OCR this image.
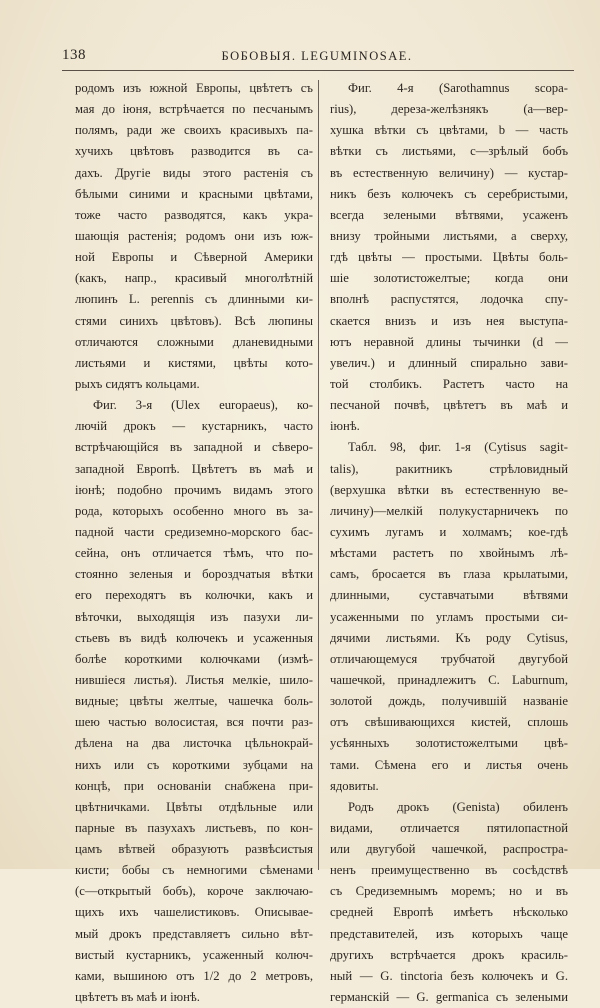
138	БОБОВЫЯ. LEGUMINOSAE.
родомъ изъ южной Европы, цвѣтетъ съ
мая до iюня, встрѣчается по песчанымъ
полямъ, ради же своихъ красивыхъ па-
хучихъ цвѣтовъ разводится въ са-
дахъ. Другiе виды этого растенiя съ
бѣлыми синими и красными цвѣтами,
тоже часто разводятся, какъ укра-
шающiя растенiя; родомъ они изъ юж-
ной Европы и Сѣверной Америки
(какъ, напр., красивый многолѣтнiй
люпинъ L. perennis съ длинными ки-
стями синихъ цвѣтовъ). Всѣ люпины
отличаются сложными дланевидными
листьями и кистями, цвѣты кото-
рыхъ сидятъ кольцами.
Фиг. 3-я (Ulex europaeus), ко-
лючiй дрокъ — кустарникъ, часто
встрѣчающiйся въ западной и сѣверо-
западной Европѣ. Цвѣтетъ въ маѣ и
iюнѣ; подобно прочимъ видамъ этого
рода, которыхъ особенно много въ за-
падной части средиземно-морского бас-
сейна, онъ отличается тѣмъ, что по-
стоянно зеленыя и бороздчатыя вѣтки
его переходятъ въ колючки, какъ и
вѣточки, выходящiя изъ пазухи ли-
стьевъ въ видѣ колючекъ и усаженныя
болѣе короткими колючками (измѣ-
нившiеся листья). Листья мелкiе, шило-
видные; цвѣты желтые, чашечка боль-
шею частью волосистая, вся почти раз-
дѣлена на два листочка цѣльнокрай-
нихъ или съ короткими зубцами на
концѣ, при основанiи снабжена при-
цвѣтничками. Цвѣты отдѣльные или
парные въ пазухахъ листьевъ, по кон-
цамъ вѣтвей образуютъ развѣсистыя
кисти; бобы съ немногими сѣменами
(с—открытый бобъ), короче заключаю-
щихъ ихъ чашелистиковъ. Описывае-
мый дрокъ представляетъ сильно вѣт-
вистый кустарникъ, усаженный колюч-
ками, вышиною отъ 1/2 до 2 метровъ,
цвѣтетъ въ маѣ и iюнѣ.
Фиг. 4-я (Sarothamnus scopa-
rius), дереза-желѣзнякъ (a—вер-
хушка вѣтки съ цвѣтами, b — часть
вѣтки съ листьями, c—зрѣлый бобъ
въ естественную величину) — кустар-
никъ безъ колючекъ съ серебристыми,
всегда зелеными вѣтвями, усаженъ
внизу тройными листьями, а сверху,
гдѣ цвѣты — простыми. Цвѣты боль-
шiе золотистожелтые; когда они
вполнѣ распустятся, лодочка спу-
скается внизъ и изъ нея выступа-
ютъ неравной длины тычинки (d —
увелич.) и длинный спирально зави-
той столбикъ. Растетъ часто на
песчаной почвѣ, цвѣтетъ въ маѣ и
iюнѣ.
Табл. 98, фиг. 1-я (Cytisus sagit-
talis), ракитникъ стрѣловидный
(верхушка вѣтки въ естественную ве-
личину)—мелкiй полукустарничекъ по
сухимъ лугамъ и холмамъ; кое-гдѣ
мѣстами растетъ по хвойнымъ лѣ-
самъ, бросается въ глаза крылатыми,
длинными, суставчатыми вѣтвями
усаженными по угламъ простыми си-
дячими листьями. Къ роду Cytisus,
отличающемуся трубчатой двугубой
чашечкой, принадлежитъ C. Laburnum,
золотой дождь, получившiй названiе
отъ свѣшивающихся кистей, сплошь
усѣянныхъ золотистожелтыми цвѣ-
тами. Сѣмена его и листья очень
ядовиты.
Родъ дрокъ (Genista) обиленъ
видами, отличается пятилопастной
или двугубой чашечкой, распростра-
ненъ преимущественно въ сосѣдствѣ
съ Средиземнымъ моремъ; но и въ
средней Европѣ имѣетъ нѣсколько
представителей, изъ которыхъ чаще
другихъ встрѣчается дрокъ красиль-
ный — G. tinctoria безъ колючекъ и G.
германскiй — G. germanica съ зелеными
